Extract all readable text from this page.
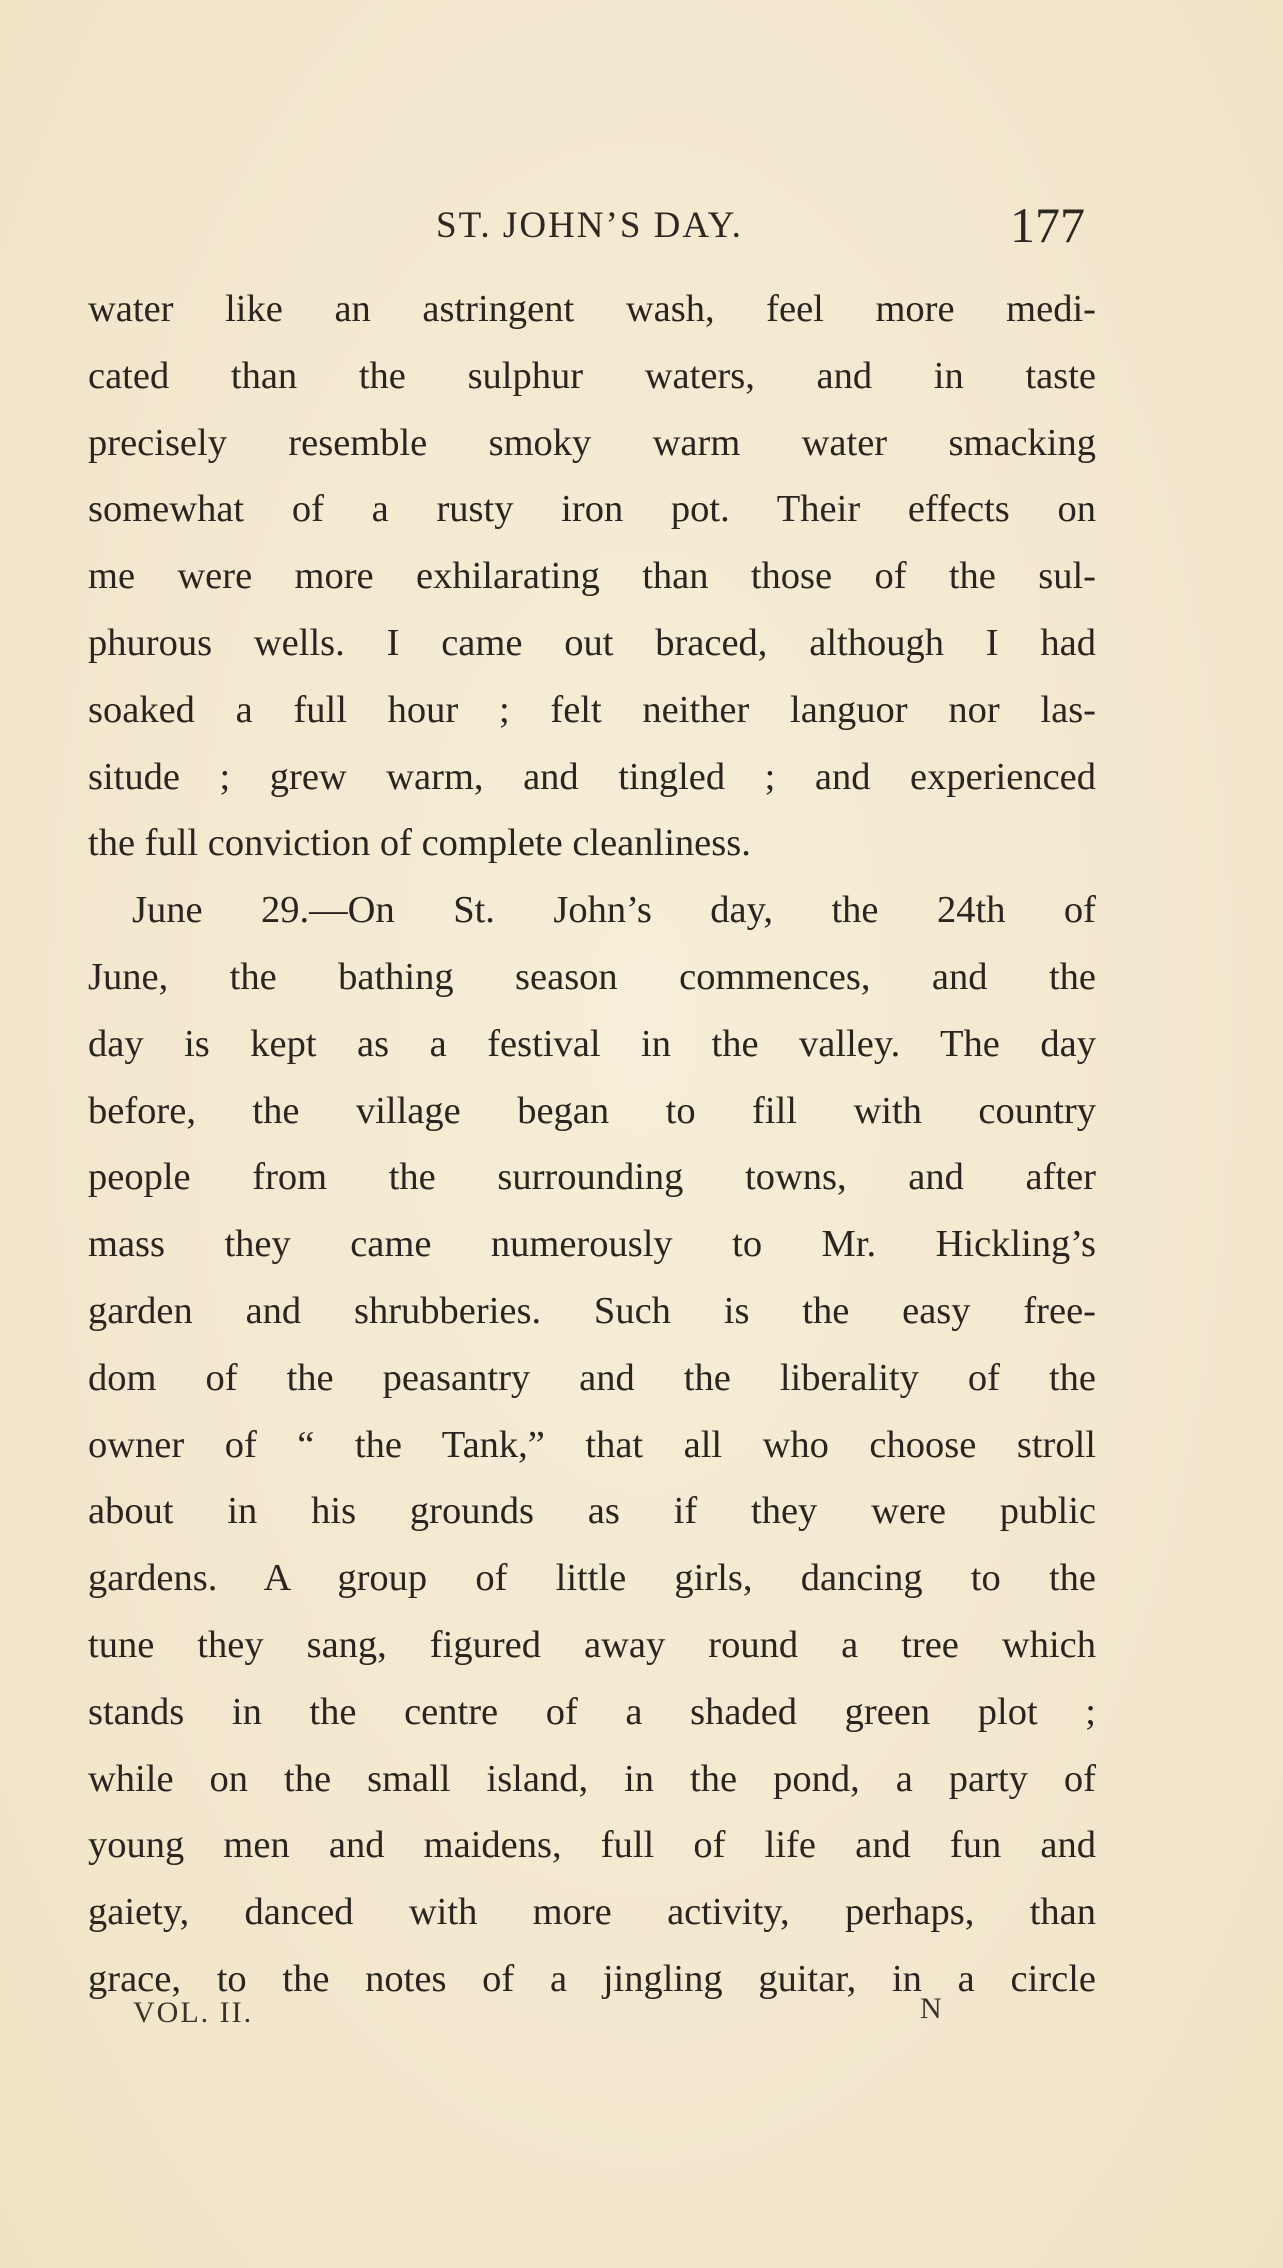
ST. JOHN’S DAY.	177
water like an astringent wash, feel more medi-
cated than the sulphur waters, and in taste
precisely resemble smoky warm water smacking
somewhat of a rusty iron pot. Their effects on
me were more exhilarating than those of the sul-
phurous wells. I came out braced, although I had
soaked a full hour ; felt neither languor nor las-
situde ; grew warm, and tingled ; and experienced
the full conviction of complete cleanliness.
June 29.—On St. John’s day, the 24th of
June, the bathing season commences, and the
day is kept as a festival in the valley. The day
before, the village began to fill with country
people from the surrounding towns, and after
mass they came numerously to Mr. Hickling’s
garden and shrubberies. Such is the easy free-
dom of the peasantry and the liberality of the
owner of “ the Tank,” that all who choose stroll
about in his grounds as if they were public
gardens. A group of little girls, dancing to the
tune they sang, figured away round a tree which
stands in the centre of a shaded green plot ;
while on the small island, in the pond, a party of
young men and maidens, full of life and fun and
gaiety, danced with more activity, perhaps, than
grace, to the notes of a jingling guitar, in a circle
VOL. II.	N
